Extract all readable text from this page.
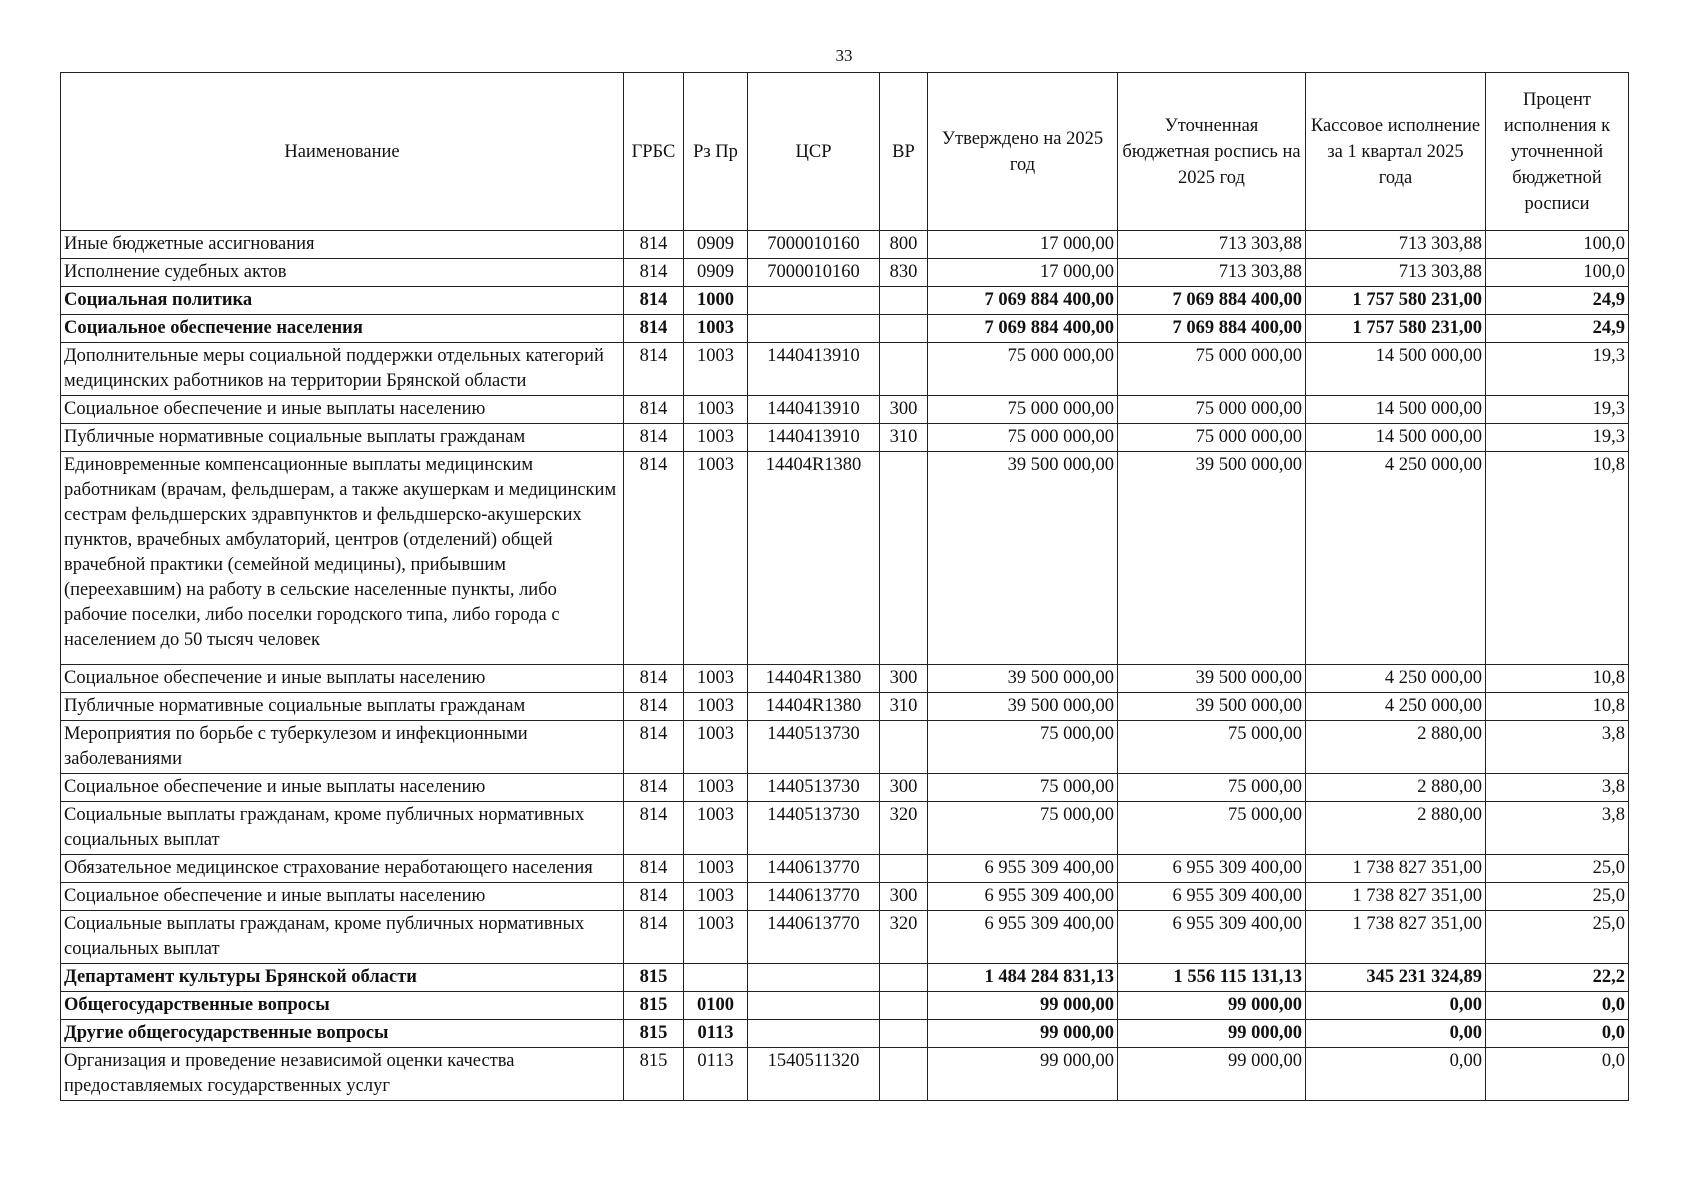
33
Наименование	ГРБС	Рз Пр	ЦСР	ВР	Утверждено на 2025 год	Уточненная бюджетная роспись на 2025 год	Кассовое исполнение за 1 квартал 2025 года	Процент исполнения к уточненной бюджетной росписи
Иные бюджетные ассигнования	814	0909	7000010160	800	17 000,00	713 303,88	713 303,88	100,0
Исполнение судебных актов	814	0909	7000010160	830	17 000,00	713 303,88	713 303,88	100,0
Социальная политика	814	1000			7 069 884 400,00	7 069 884 400,00	1 757 580 231,00	24,9
Социальное обеспечение населения	814	1003			7 069 884 400,00	7 069 884 400,00	1 757 580 231,00	24,9
Дополнительные меры социальной поддержки отдельных категорий медицинских работников на территории Брянской области	814	1003	1440413910		75 000 000,00	75 000 000,00	14 500 000,00	19,3
Социальное обеспечение и иные выплаты населению	814	1003	1440413910	300	75 000 000,00	75 000 000,00	14 500 000,00	19,3
Публичные нормативные социальные выплаты гражданам	814	1003	1440413910	310	75 000 000,00	75 000 000,00	14 500 000,00	19,3
Единовременные компенсационные выплаты медицинским работникам (врачам, фельдшерам, а также акушеркам и медицинским сестрам фельдшерских здравпунктов и фельдшерско-акушерских пунктов, врачебных амбулаторий, центров (отделений) общей врачебной практики (семейной медицины), прибывшим (переехавшим) на работу в сельские населенные пункты, либо рабочие поселки, либо поселки городского типа, либо города с населением до 50 тысяч человек	814	1003	14404R1380		39 500 000,00	39 500 000,00	4 250 000,00	10,8
Социальное обеспечение и иные выплаты населению	814	1003	14404R1380	300	39 500 000,00	39 500 000,00	4 250 000,00	10,8
Публичные нормативные социальные выплаты гражданам	814	1003	14404R1380	310	39 500 000,00	39 500 000,00	4 250 000,00	10,8
Мероприятия по борьбе с туберкулезом и инфекционными заболеваниями	814	1003	1440513730		75 000,00	75 000,00	2 880,00	3,8
Социальное обеспечение и иные выплаты населению	814	1003	1440513730	300	75 000,00	75 000,00	2 880,00	3,8
Социальные выплаты гражданам, кроме публичных нормативных социальных выплат	814	1003	1440513730	320	75 000,00	75 000,00	2 880,00	3,8
Обязательное медицинское страхование неработающего населения	814	1003	1440613770		6 955 309 400,00	6 955 309 400,00	1 738 827 351,00	25,0
Социальное обеспечение и иные выплаты населению	814	1003	1440613770	300	6 955 309 400,00	6 955 309 400,00	1 738 827 351,00	25,0
Социальные выплаты гражданам, кроме публичных нормативных социальных выплат	814	1003	1440613770	320	6 955 309 400,00	6 955 309 400,00	1 738 827 351,00	25,0
Департамент культуры Брянской области	815				1 484 284 831,13	1 556 115 131,13	345 231 324,89	22,2
Общегосударственные вопросы	815	0100			99 000,00	99 000,00	0,00	0,0
Другие общегосударственные вопросы	815	0113			99 000,00	99 000,00	0,00	0,0
Организация и проведение независимой оценки качества предоставляемых государственных услуг	815	0113	1540511320		99 000,00	99 000,00	0,00	0,0
